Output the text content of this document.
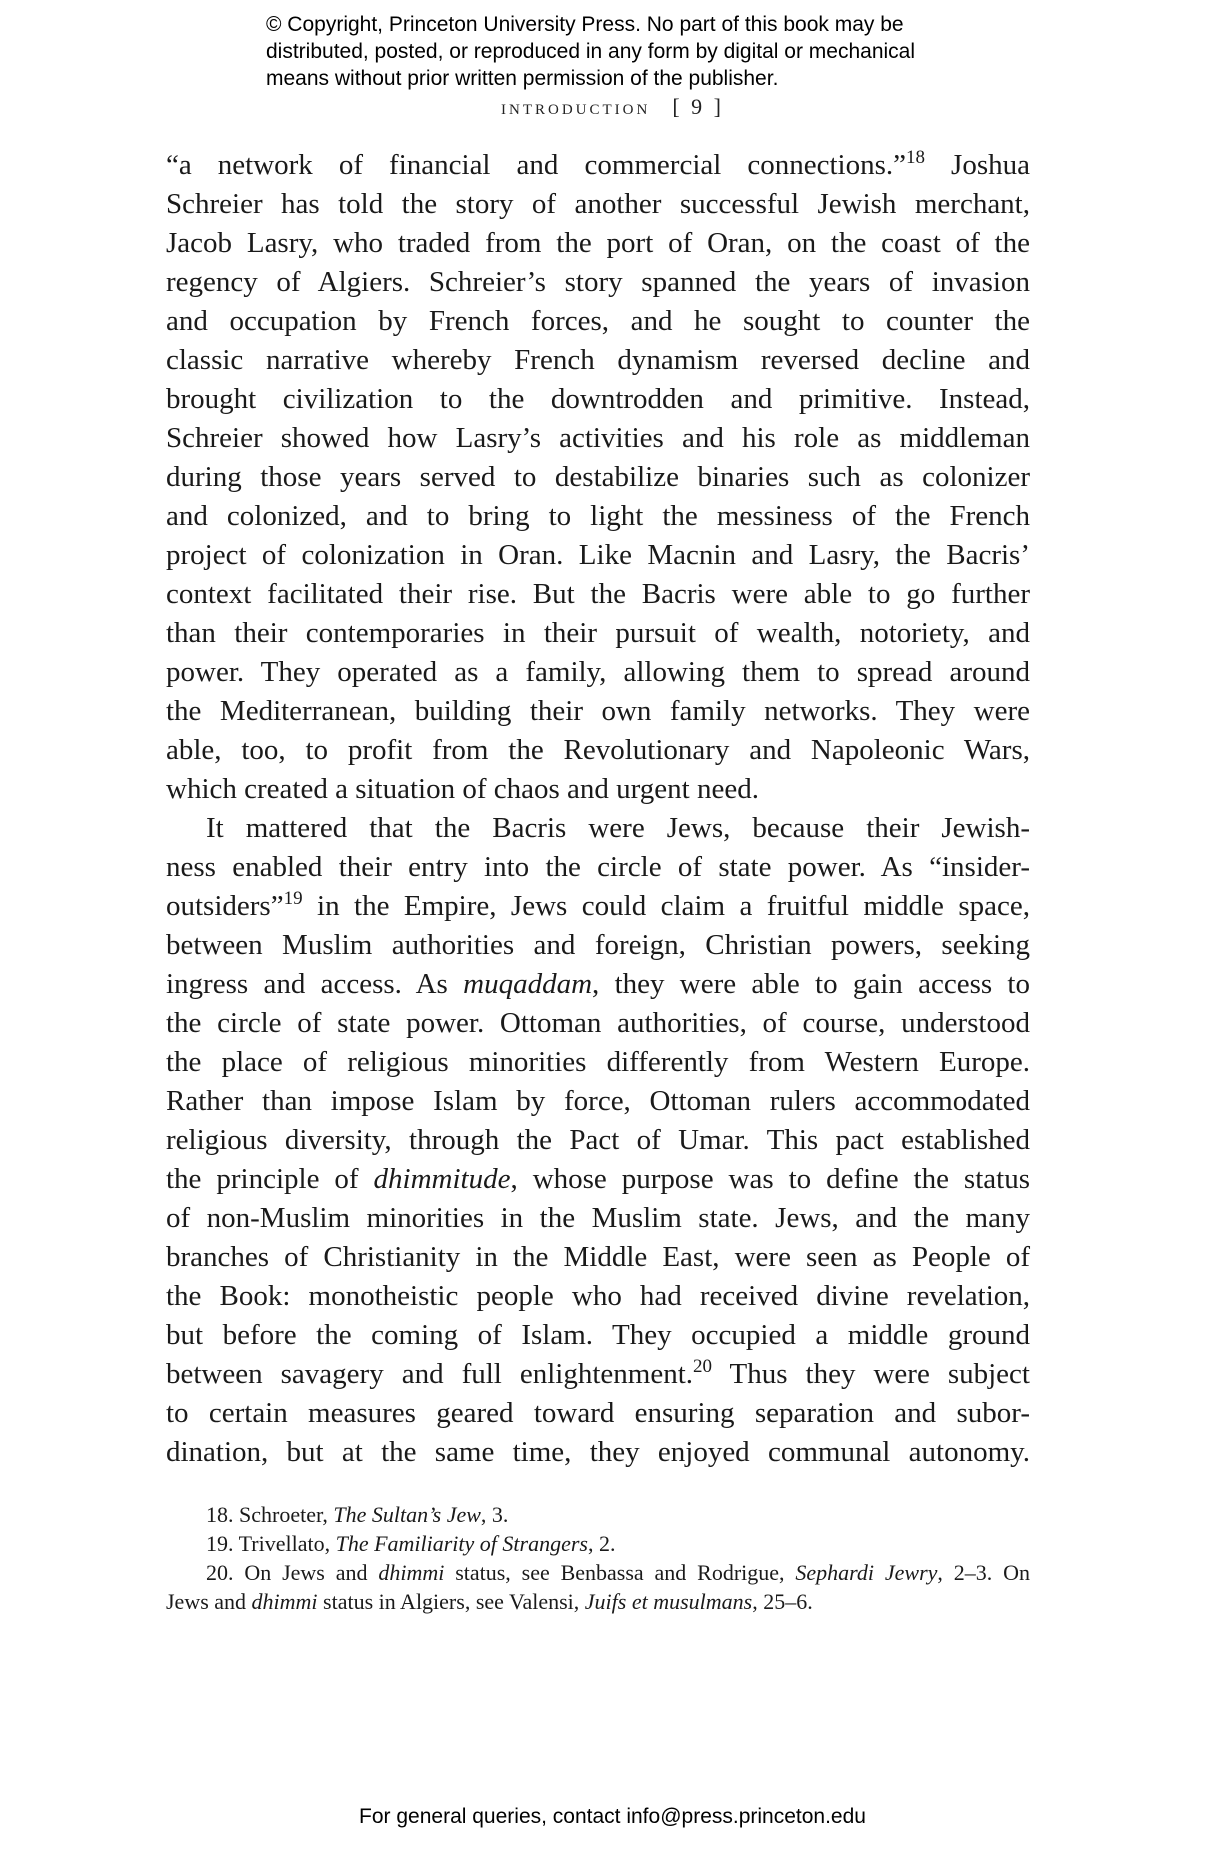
© Copyright, Princeton University Press. No part of this book may be
distributed, posted, or reproduced in any form by digital or mechanical
means without prior written permission of the publisher.
introduction [ 9 ]
“a network of financial and commercial connections.”$^{18}$ Joshua
Schreier has told the story of another successful Jewish merchant,
Jacob Lasry, who traded from the port of Oran, on the coast of the
regency of Algiers. Schreier’s story spanned the years of invasion
and occupation by French forces, and he sought to counter the
classic narrative whereby French dynamism reversed decline and
brought civilization to the downtrodden and primitive. Instead,
Schreier showed how Lasry’s activities and his role as middleman
during those years served to destabilize binaries such as colonizer
and colonized, and to bring to light the messiness of the French
project of colonization in Oran. Like Macnin and Lasry, the Bacris’
context facilitated their rise. But the Bacris were able to go further
than their contemporaries in their pursuit of wealth, notoriety, and
power. They operated as a family, allowing them to spread around
the Mediterranean, building their own family networks. They were
able, too, to profit from the Revolutionary and Napoleonic Wars,
which created a situation of chaos and urgent need.
It mattered that the Bacris were Jews, because their Jewish-
ness enabled their entry into the circle of state power. As “insider-
outsiders”$^{19}$ in the Empire, Jews could claim a fruitful middle space,
between Muslim authorities and foreign, Christian powers, seeking
ingress and access. As muqaddam, they were able to gain access to
the circle of state power. Ottoman authorities, of course, understood
the place of religious minorities differently from Western Europe.
Rather than impose Islam by force, Ottoman rulers accommodated
religious diversity, through the Pact of Umar. This pact established
the principle of dhimmitude, whose purpose was to define the status
of non-Muslim minorities in the Muslim state. Jews, and the many
branches of Christianity in the Middle East, were seen as People of
the Book: monotheistic people who had received divine revelation,
but before the coming of Islam. They occupied a middle ground
between savagery and full enlightenment.$^{20}$ Thus they were subject
to certain measures geared toward ensuring separation and subor-
dination, but at the same time, they enjoyed communal autonomy.
18. Schroeter, The Sultan’s Jew, 3.
19. Trivellato, The Familiarity of Strangers, 2.
20. On Jews and dhimmi status, see Benbassa and Rodrigue, Sephardi Jewry, 2–3. On
Jews and dhimmi status in Algiers, see Valensi, Juifs et musulmans, 25–6.
For general queries, contact info@press.princeton.edu
